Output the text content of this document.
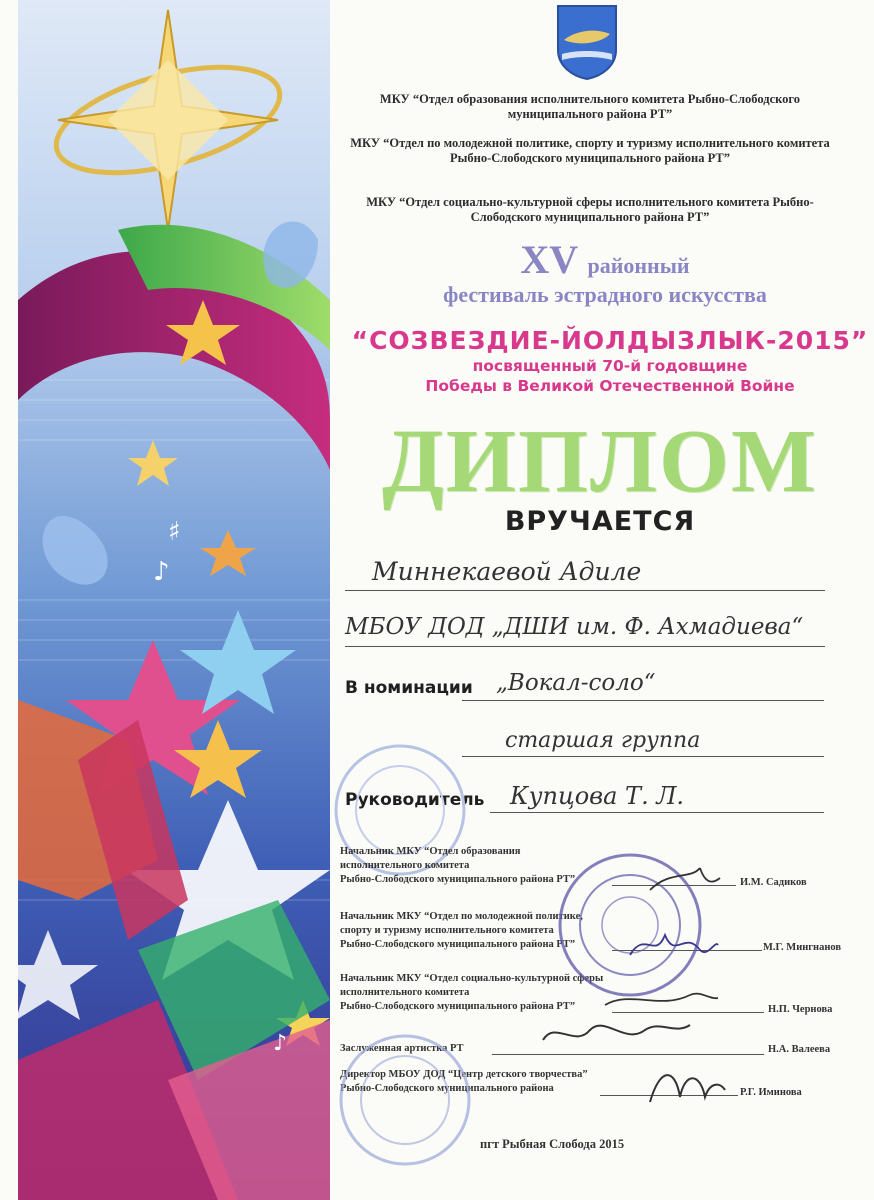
♯
♪
♪
МКУ “Отдел образования исполнительного комитета Рыбно-Слободского муниципального района РТ”
МКУ “Отдел по молодежной политике, спорту и туризму исполнительного комитета Рыбно-Слободского муниципального района РТ”
МКУ “Отдел социально-культурной сферы исполнительного комитета Рыбно-Слободского муниципального района РТ”
XV районный
фестиваль эстрадного искусства
“СОЗВЕЗДИЕ-ЙОЛДЫЗЛЫК-2015”
посвященный 70-й годовщине
Победы в Великой Отечественной Войне
ДИПЛОМ
ВРУЧАЕТСЯ
Миннекаевой Адиле
МБОУ ДОД „ДШИ им. Ф. Ахмадиева“
В номинации „Вокал-соло“
старшая группа
Руководитель Купцова Т. Л.
Начальник МКУ “Отдел образования
исполнительного комитета
Рыбно-Слободского муниципального района РТ”	И.М. Садиков
Начальник МКУ “Отдел по молодежной политике,
спорту и туризму исполнительного комитета
Рыбно-Слободского муниципального района РТ”	М.Г. Мингнанов
Начальник МКУ “Отдел социально-культурной сферы
исполнительного комитета
Рыбно-Слободского муниципального района РТ”	Н.П. Чернова
Заслуженная артистка РТ	Н.А. Валеева
Директор МБОУ ДОД “Центр детского творчества”
Рыбно-Слободского муниципального района	Р.Г. Иминова
пгт Рыбная Слобода 2015
